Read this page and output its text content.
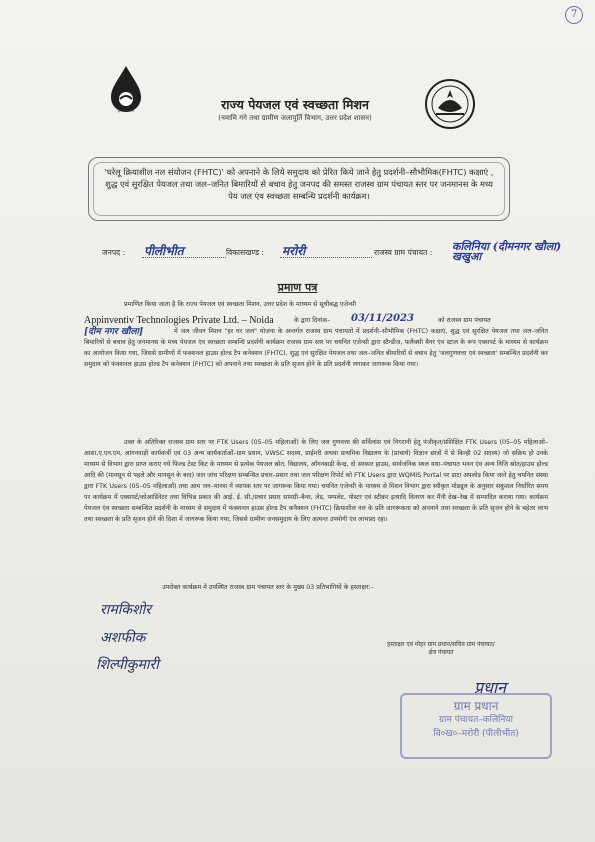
7
हर घर जल	राज्य पेयजल एवं स्वच्छता मिशन
(नमामि गंगे तथा ग्रामीण जलापूर्ति विभाग, उत्तर प्रदेश शासन)
'घरेलू क्रियाशील नल संयोजन (FHTC)' को अपनाने के लिये समुदाय को प्रेरित किये जाने हेतु प्रदर्शनी–सौभौमिक(FHTC) कक्षाएं , शुद्ध एवं सुरक्षित पेयजल तथा जल–जनित बिमारियों से बचाव हेतु जनपद की समस्त राजस्व ग्राम पंचायत स्तर पर जनमानस के मध्य पेय जल एंव स्वच्छता सम्बन्धि प्रदर्शनी कार्यक्रम।
जनपद : पीलीभीत	विकासखण्ड : मरोरी	राजस्व ग्राम पंचायत : कलिनिया (दीमनगर खौला) खखुआ
प्रमाण पत्र
प्रमाणित किया जाता है कि राज्य पेयजल एवं स्वच्छता मिशन, उत्तर प्रदेश के माध्यम से सूचीबद्ध एजेन्सी
Appinventiv Technologies Private Ltd. – Noida	के द्वारा दिनांक–	03/11/2023	को राजस्व ग्राम पंचायत
[दीम नगर खौला]	में जल जीवन मिशन "हर घर जल" योजना के अन्तर्गत राजस्व ग्राम पंचायतों में प्रदर्शनी–सौभौमिक (FHTC) कक्षाएं, शुद्ध एवं सुरक्षित पेयजल तथा जल–जनित बिमारियों से बचाव हेतु जनमानस के मध्य पेयजल एंव स्वच्छता सम्बन्धि प्रदर्शनी कार्यक्रम राजस्व ग्राम स्तर पर चयनित एजेन्सी द्वारा स्टैन्डीज, फलैक्सी बैनर एंव स्टाल के रूप एक्सपर्ट के माध्यम से कार्यक्रम का आयोजन किया गया, जिससे ग्रामीणों में फक्शनल हाउस होल्ड टैप कनेक्शन (FHTC), शुद्ध एवं सुरक्षित पेयजल तथा जल–जनित बीमारियों से बचाव हेतु 'जलगुणवत्ता एवं स्वच्छता' सम्बन्धित प्रदर्शनी कर समुदाय को फंक्शनल हाउस होल्ड टैप कनेक्शन (FHTC) को अपनाने तथा स्वच्छता के प्रति सृजन होने के प्रति प्रदर्शनी लगाकर जागरूक किया गया।
उक्त के अतिरिक्त राजस्व ग्राम स्तर पर FTK Users (05–05 महिलाओं) के लिए जल गुणवत्ता की सर्विलांस एवं निगरानी हेतु पंजीकृत/प्रशिक्षित FTK Users (05–05 महिलाओं–आशा,ए.एन.एम, आंगनवाड़ी कार्यकर्त्री एवं 03 अन्य कार्यकर्ताओं–ग्राम प्रधान, VWSC सदस्य, प्राईमरी अथवा प्राथमिक विद्यालय के (प्राचार्य) विज्ञान छात्रों में से किन्ही 02 सदस्य) जो सक्रिय हो उनके माध्यम से विभाग द्वारा प्राप्त कराए गये फिल्ड टेस्ट किट के माध्यम से प्रत्येक पेयजल स्रोत, विद्यालय, आँगनबाड़ी केन्द्र, दो सरकार हाउस, सार्वजनिक स्थल यथा–पंचायत भवन एंव अन्य निजि स्रोत/हाउस होल्ड आदि की (मानसून से पहले और मानसून के बाद) जल जांच परिक्षण सम्बन्धित प्रचार–प्रसार तथा जल परिक्षण रिपोर्ट को FTK Users द्वारा WQMIS Portal पर डाटा अपलोड किया जाने हेतु चयनित संस्था द्वारा FTK Users (05–05 महिलाओं) तथा आम जन–मानस में व्यापक स्तर पर जागरूक किया गया। चयनित एजेन्सी के माध्यम से मिशन विभाग द्वारा स्वीकृत मोड्यूल के अनुसार सकुशल निर्धारित समय पर कार्यक्रम में एक्सपर्ट/कोआर्डिनेटर तथा विभिन्न प्रकार की आई. ई. सी./प्रचार प्रसार सामग्री–बैनर, लेड, पम्पलेट, पोस्टर एवं स्टीकर इत्यादि वितरण कर मैंनी देख–रेख में सम्पादित कराया गया। कार्यक्रम पेयजल एंव स्वच्छता सम्बन्धित प्रदर्शनी के माध्यम से समुदाय में फंक्शनल हाउस होल्ड टैप कनैक्शन (FHTC) क्रियाशील नल के प्रति जागरूकता को अपनाने तथा स्वच्छता के प्रति सृजन होने के बहेतर लाभ तथा स्वच्छता के प्रति सृजन होने की दिशा में जागरूक किया गया, जिससे ग्रामीण जनसमुदाय के लिए अत्यन्त उपयोगी एंव लाभप्रद रहा।
उपरोक्त कार्यक्रम में उपस्थित राजस्व ग्राम पंचायत स्तर के मुख्य 03 प्रतिभागियों के हस्ताक्षर:–
रामकिशोर
अशफीक
शिल्पीकुमारी
हस्ताक्षर एवं मोहर ग्राम प्रधान/सचिव ग्राम पंचायत/ क्षेत्र पंचायत
प्रधान
ग्राम प्रधान
ग्राम पंचायत–कलिनिया
वि०ख०–मरोरी (पीलीभीत)
